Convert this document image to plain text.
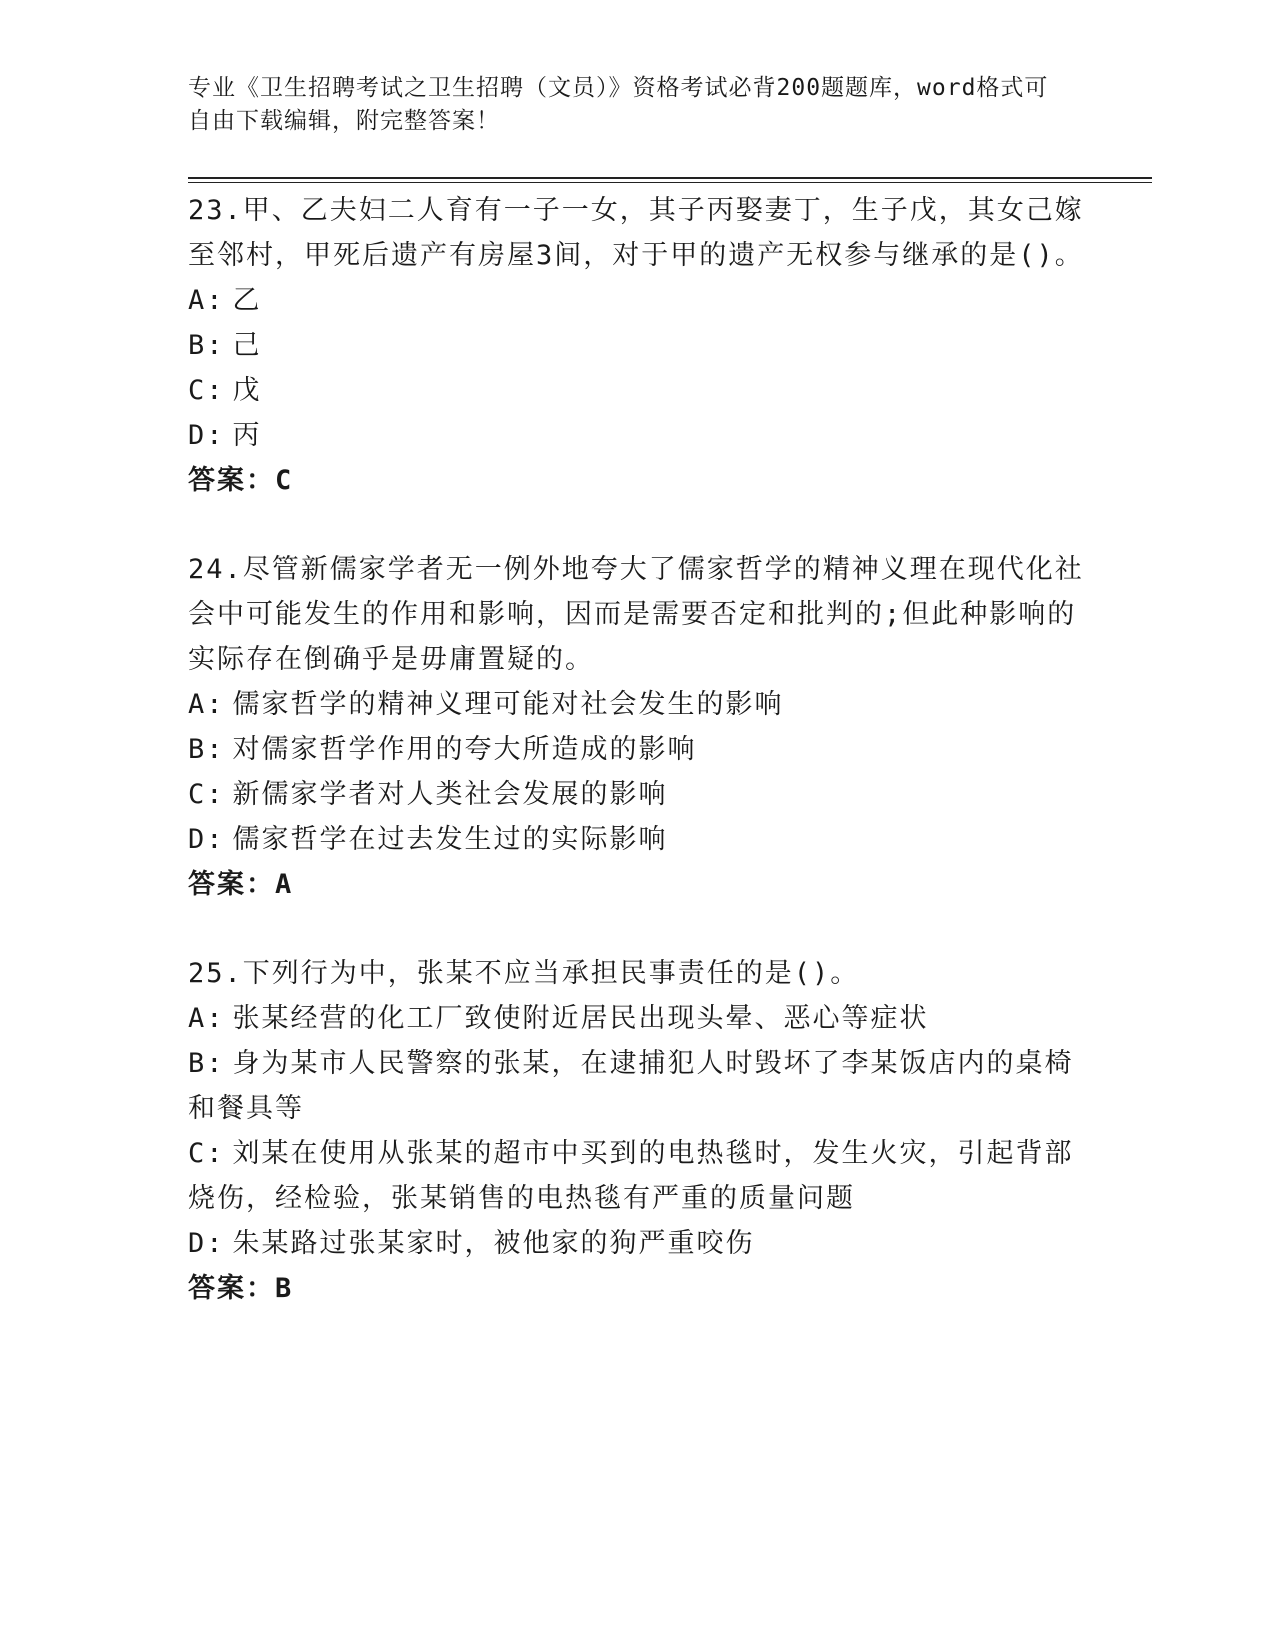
专业《卫生招聘考试之卫生招聘（文员）》资格考试必背200题题库，word格式可自由下载编辑，附完整答案！

23.甲、乙夫妇二人育有一子一女，其子丙娶妻丁，生子戊，其女己嫁至邻村，甲死后遗产有房屋3间，对于甲的遗产无权参与继承的是()。

A: 乙

B: 己

C: 戊

D: 丙

答案：C

24.尽管新儒家学者无一例外地夸大了儒家哲学的精神义理在现代化社会中可能发生的作用和影响，因而是需要否定和批判的;但此种影响的实际存在倒确乎是毋庸置疑的。

A: 儒家哲学的精神义理可能对社会发生的影响

B: 对儒家哲学作用的夸大所造成的影响

C: 新儒家学者对人类社会发展的影响

D: 儒家哲学在过去发生过的实际影响

答案：A

25.下列行为中，张某不应当承担民事责任的是()。

A: 张某经营的化工厂致使附近居民出现头晕、恶心等症状

B: 身为某市人民警察的张某，在逮捕犯人时毁坏了李某饭店内的桌椅和餐具等

C: 刘某在使用从张某的超市中买到的电热毯时，发生火灾，引起背部烧伤，经检验，张某销售的电热毯有严重的质量问题

D: 朱某路过张某家时，被他家的狗严重咬伤

答案：B
